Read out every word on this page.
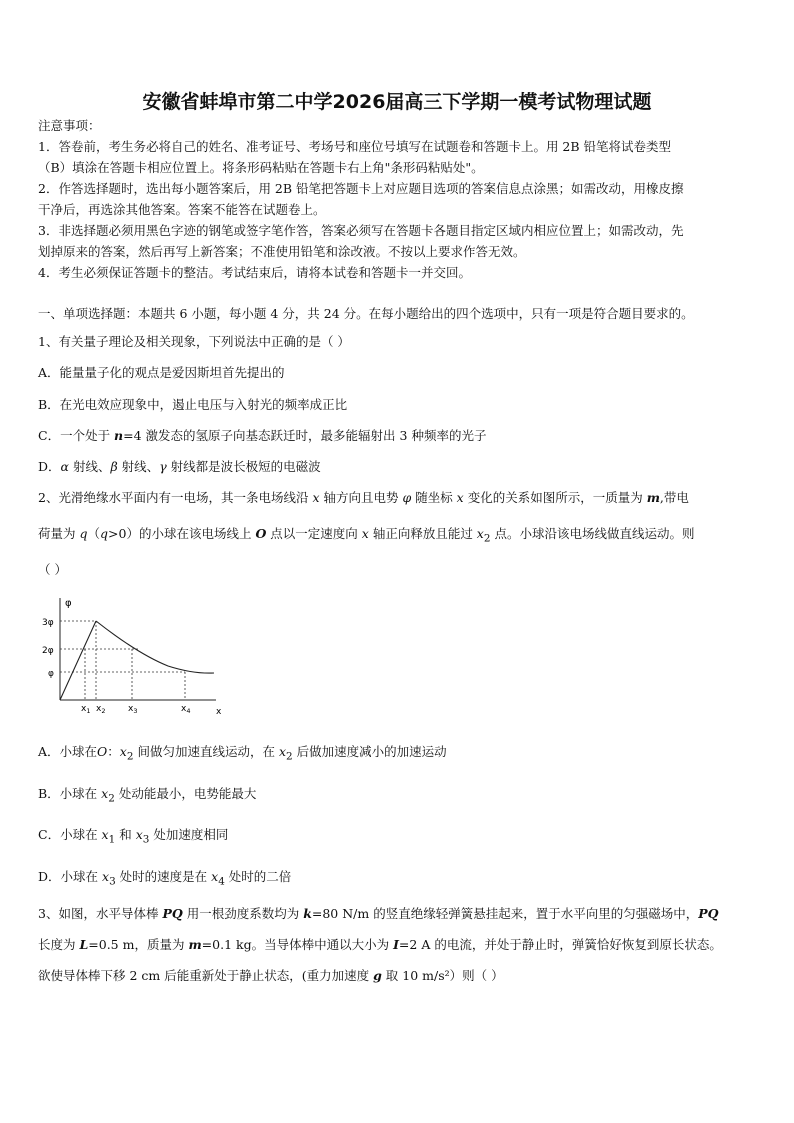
安徽省蚌埠市第二中学2026届高三下学期一模考试物理试题
注意事项：
1．答卷前，考生务必将自己的姓名、准考证号、考场号和座位号填写在试题卷和答题卡上。用 2B 铅笔将试卷类型
（B）填涂在答题卡相应位置上。将条形码粘贴在答题卡右上角"条形码粘贴处"。
2．作答选择题时，选出每小题答案后，用 2B 铅笔把答题卡上对应题目选项的答案信息点涂黑；如需改动，用橡皮擦
干净后，再选涂其他答案。答案不能答在试题卷上。
3．非选择题必须用黑色字迹的钢笔或签字笔作答，答案必须写在答题卡各题目指定区域内相应位置上；如需改动，先
划掉原来的答案，然后再写上新答案；不准使用铅笔和涂改液。不按以上要求作答无效。
4．考生必须保证答题卡的整洁。考试结束后，请将本试卷和答题卡一并交回。
一、单项选择题：本题共 6 小题，每小题 4 分，共 24 分。在每小题给出的四个选项中，只有一项是符合题目要求的。
1、有关量子理论及相关现象，下列说法中正确的是（ ）
A．能量量子化的观点是爱因斯坦首先提出的
B．在光电效应现象中，遏止电压与入射光的频率成正比
C．一个处于 n=4 激发态的氢原子向基态跃迁时，最多能辐射出 3 种频率的光子
D．α 射线、β 射线、γ 射线都是波长极短的电磁波
2、光滑绝缘水平面内有一电场，其一条电场线沿 x 轴方向且电势 φ 随坐标 x 变化的关系如图所示，一质量为 m,带电
荷量为 q（q>0）的小球在该电场线上 O 点以一定速度向 x 轴正向释放且能过 $x_2$ 点。小球沿该电场线做直线运动。则
（ ）
φ
x
3φ
2φ
φ
$x_1$ $x_2$	$x_3$	$x_4$
A．小球在O：$x_2$ 间做匀加速直线运动，在 $x_2$ 后做加速度减小的加速运动
B．小球在 $x_2$ 处动能最小，电势能最大
C．小球在 $x_1$ 和 $x_3$ 处加速度相同
D．小球在 $x_3$ 处时的速度是在 $x_4$ 处时的二倍
3、如图，水平导体棒 PQ 用一根劲度系数均为 k=80 N/m 的竖直绝缘轻弹簧悬挂起来，置于水平向里的匀强磁场中，PQ
长度为 L=0.5 m，质量为 m=0.1 kg。当导体棒中通以大小为 I=2 A 的电流，并处于静止时，弹簧恰好恢复到原长状态。
欲使导体棒下移 2 cm 后能重新处于静止状态，(重力加速度 g 取 10 m/s²）则（ ）
